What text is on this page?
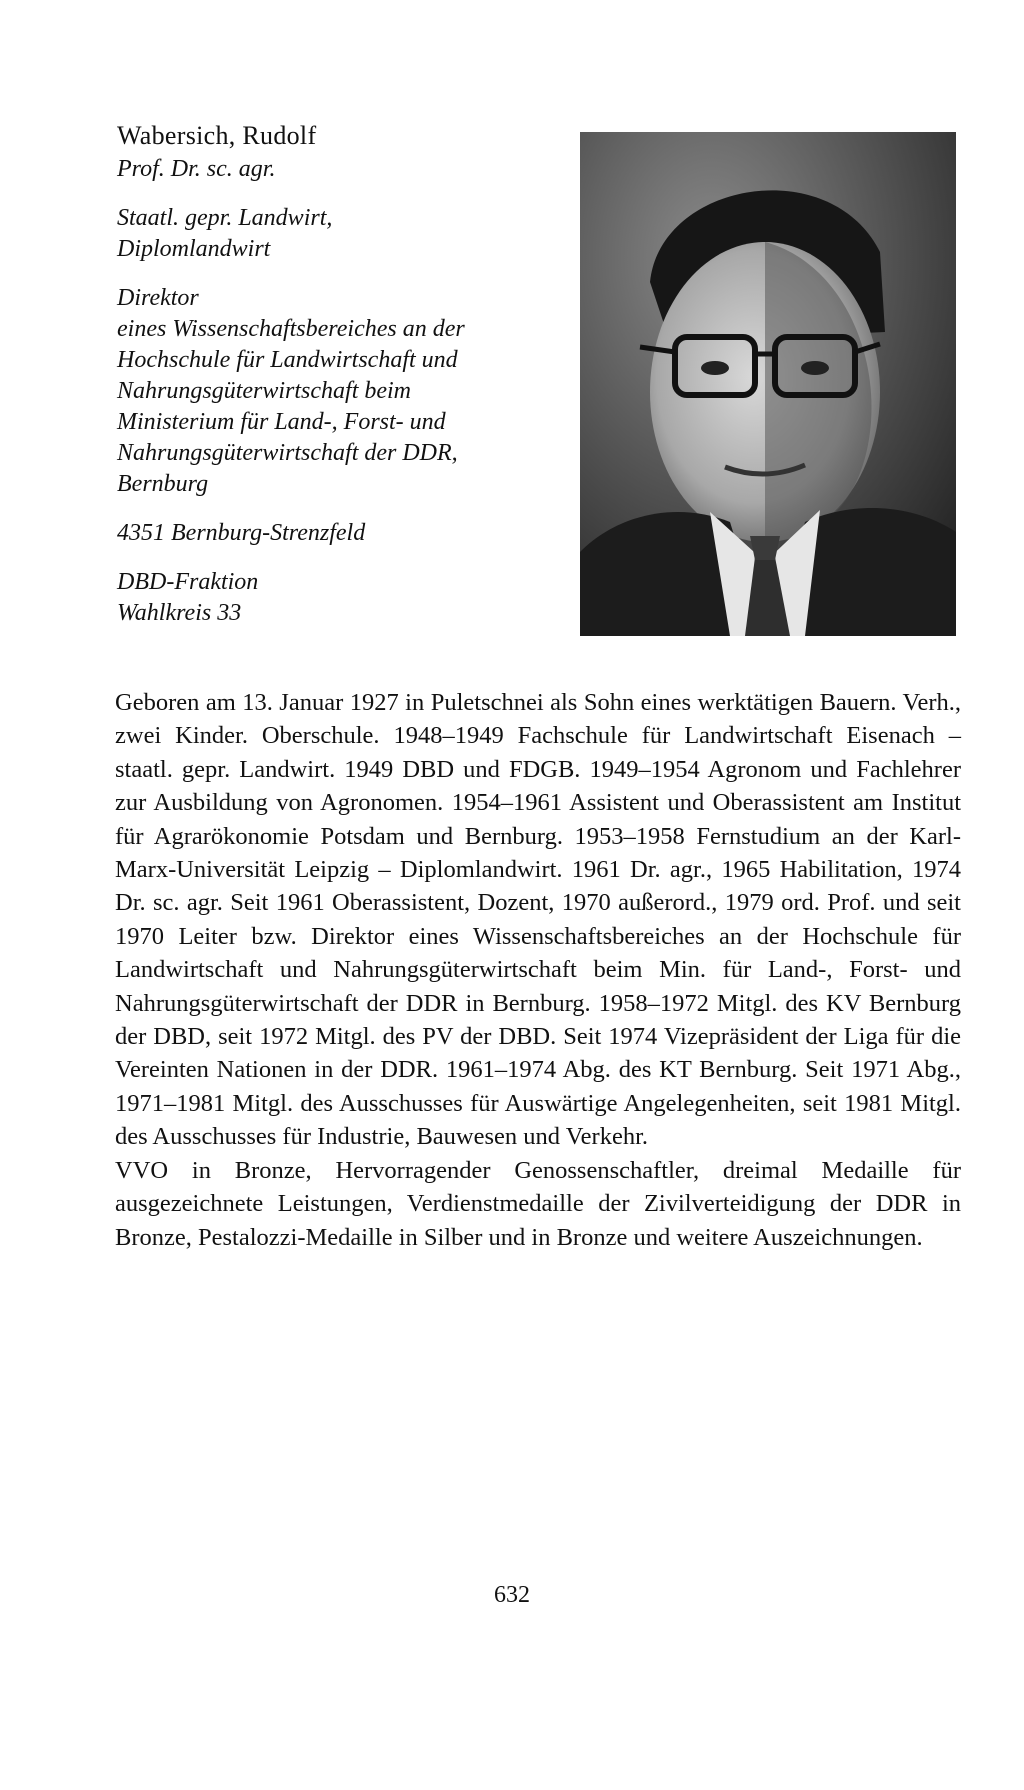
Wabersich, Rudolf

Prof. Dr. sc. agr.

Staatl. gepr. Landwirt,

Diplomlandwirt

Direktor

eines Wissenschaftsbereiches an der

Hochschule für Landwirtschaft und

Nahrungsgüterwirtschaft beim

Ministerium für Land-, Forst- und

Nahrungsgüterwirtschaft der DDR,

Bernburg

4351 Bernburg-Strenzfeld

DBD-Fraktion

Wahlkreis 33

Geboren am 13. Januar 1927 in Puletschnei als Sohn eines werktätigen Bauern. Verh., zwei Kinder. Oberschule. 1948–1949 Fachschule für Landwirtschaft Eisenach – staatl. gepr. Landwirt. 1949 DBD und FDGB. 1949–1954 Agronom und Fachlehrer zur Ausbildung von Agronomen. 1954–1961 Assistent und Oberassistent am Institut für Agrarökonomie Potsdam und Bernburg. 1953–1958 Fernstudium an der Karl-Marx-Universität Leipzig – Diplomlandwirt. 1961 Dr. agr., 1965 Habilitation, 1974 Dr. sc. agr. Seit 1961 Oberassistent, Dozent, 1970 außerord., 1979 ord. Prof. und seit 1970 Leiter bzw. Direktor eines Wissenschaftsbereiches an der Hochschule für Landwirtschaft und Nahrungsgüterwirtschaft beim Min. für Land-, Forst- und Nahrungsgüterwirtschaft der DDR in Bernburg. 1958–1972 Mitgl. des KV Bernburg der DBD, seit 1972 Mitgl. des PV der DBD. Seit 1974 Vizepräsident der Liga für die Vereinten Nationen in der DDR. 1961–1974 Abg. des KT Bernburg. Seit 1971 Abg., 1971–1981 Mitgl. des Ausschusses für Auswärtige Angelegenheiten, seit 1981 Mitgl. des Ausschusses für Industrie, Bauwesen und Verkehr.

VVO in Bronze, Hervorragender Genossenschaftler, dreimal Medaille für ausgezeichnete Leistungen, Verdienstmedaille der Zivilverteidigung der DDR in Bronze, Pestalozzi-Medaille in Silber und in Bronze und weitere Auszeichnungen.

632
